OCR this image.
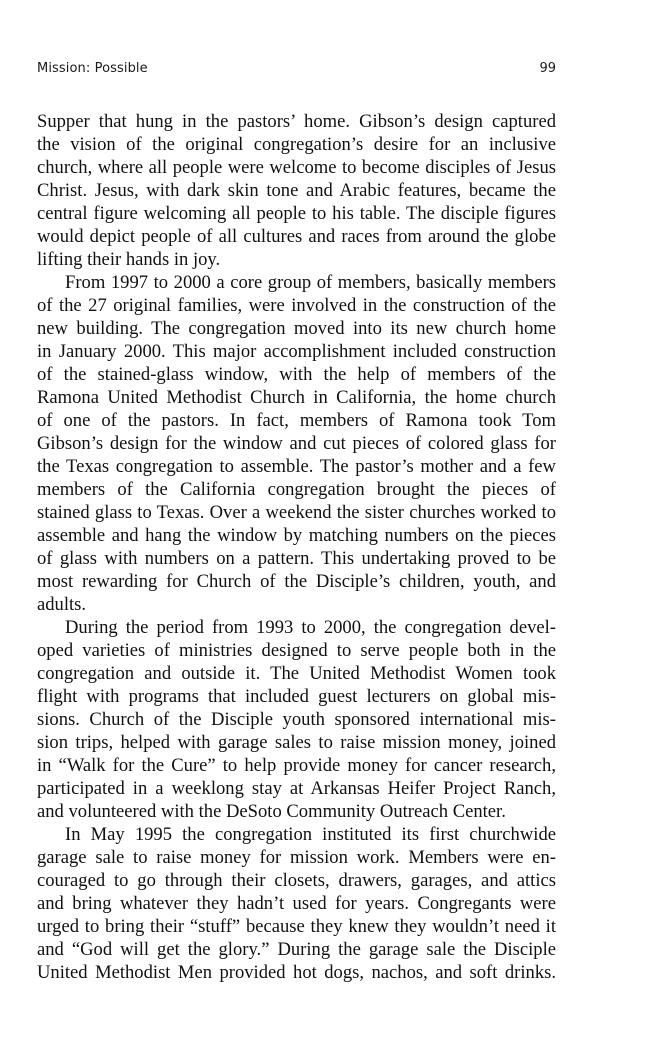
Mission: Possible	99
Supper that hung in the pastors’ home. Gibson’s design captured
the vision of the original congregation’s desire for an inclusive
church, where all people were welcome to become disciples of Jesus
Christ. Jesus, with dark skin tone and Arabic features, became the
central figure welcoming all people to his table. The disciple figures
would depict people of all cultures and races from around the globe
lifting their hands in joy.
From 1997 to 2000 a core group of members, basically members
of the 27 original families, were involved in the construction of the
new building. The congregation moved into its new church home
in January 2000. This major accomplishment included construction
of the stained-glass window, with the help of members of the
Ramona United Methodist Church in California, the home church
of one of the pastors. In fact, members of Ramona took Tom
Gibson’s design for the window and cut pieces of colored glass for
the Texas congregation to assemble. The pastor’s mother and a few
members of the California congregation brought the pieces of
stained glass to Texas. Over a weekend the sister churches worked to
assemble and hang the window by matching numbers on the pieces
of glass with numbers on a pattern. This undertaking proved to be
most rewarding for Church of the Disciple’s children, youth, and
adults.
During the period from 1993 to 2000, the congregation devel-
oped varieties of ministries designed to serve people both in the
congregation and outside it. The United Methodist Women took
flight with programs that included guest lecturers on global mis-
sions. Church of the Disciple youth sponsored international mis-
sion trips, helped with garage sales to raise mission money, joined
in “Walk for the Cure” to help provide money for cancer research,
participated in a weeklong stay at Arkansas Heifer Project Ranch,
and volunteered with the DeSoto Community Outreach Center.
In May 1995 the congregation instituted its first churchwide
garage sale to raise money for mission work. Members were en-
couraged to go through their closets, drawers, garages, and attics
and bring whatever they hadn’t used for years. Congregants were
urged to bring their “stuff” because they knew they wouldn’t need it
and “God will get the glory.” During the garage sale the Disciple
United Methodist Men provided hot dogs, nachos, and soft drinks.
